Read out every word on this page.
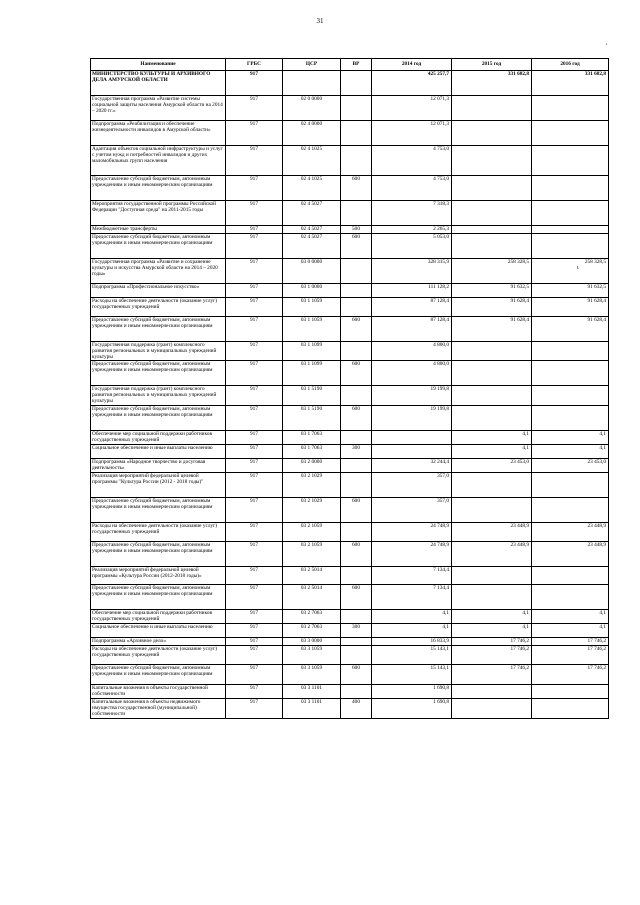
31
,
ι
Наименование	ГРБС	ЦСР	ВР	2014 год	2015 год	2016 год
МИНИСТЕРСТВО КУЛЬТУРЫ И АРХИВНОГО ДЕЛА АМУРСКОЙ ОБЛАСТИ	917			425 257,7	331 682,8	331 682,8
Государственная программа «Развитие системы социальной защиты населения Амурской области на 2014 – 2020 гг.»	917	02 0 0000		12 071,3		
Подпрограмма «Реабилитация и обеспечение жизнедеятельности инвалидов в Амурской области»	917	02 4 0000		12 071,3		
Адаптация объектов социальной инфраструктуры и услуг с учетом нужд и потребностей инвалидов и других маломобильных групп населения	917	02 4 1025		4 753,0		
Предоставление субсидий бюджетным, автономным учреждениям и иным некоммерческим организациям	917	02 4 1025	600	4 753,0		
Мероприятия государственной программы Российской Федерации "Доступная среда" на 2011-2015 годы	917	02 4 5027		7 318,3		
Межбюджетные трансферты	917	02 4 5027	500	2 265,3		
Предоставление субсидий бюджетным, автономным учреждениям и иным некоммерческим организациям	917	02 4 5027	600	5 053,0		
Государственная программа «Развитие и сохранение культуры и искусства Амурской области на 2014 – 2020 годы»	917	03 0 0000		328 315,9	258 328,5	258 328,5
Подпрограмма «Профессиональное искусство»	917	03 1 0000		111 128,2	91 632,5	91 632,5
Расходы на обеспечение деятельности (оказание услуг) государственных учреждений	917	03 1 1059		87 128,4	91 628,4	91 628,4
Предоставление субсидий бюджетным, автономным учреждениям и иным некоммерческим организациям	917	03 1 1059	600	87 128,4	91 628,4	91 628,4
Государственная поддержка (грант) комплексного развития региональных и муниципальных учреждений культуры	917	03 1 1099		4 800,0		
Предоставление субсидий бюджетным, автономным учреждениям и иным некоммерческим организациям	917	03 1 1099	600	4 800,0		
Государственная поддержка (грант) комплексного развития региональных и муниципальных учреждений культуры	917	03 1 5190		19 199,8		
Предоставление субсидий бюджетным, автономным учреждениям и иным некоммерческим организациям	917	03 1 5190	600	19 199,8		
Обеспечение мер социальной поддержки работников государственных учреждений	917	03 1 7063			4,1	4,1
Социальное обеспечение и иные выплаты населению	917	03 1 7063	300		4,1	4,1
Подпрограмма «Народное творчество и досуговая деятельность»	917	03 2 0000		32 244,4	23 453,0	23 453,0
Реализация мероприятий федеральной целевой программы "Культура России (2012 - 2018 годы)"	917	03 2 1029		357,0		
Предоставление субсидий бюджетным, автономным учреждениям и иным некоммерческим организациям	917	03 2 1029	600	357,0		
Расходы на обеспечение деятельности (оказание услуг) государственных учреждений	917	03 2 1059		24 748,9	23 448,9	23 448,9
Предоставление субсидий бюджетным, автономным учреждениям и иным некоммерческим организациям	917	03 2 1059	600	24 748,9	23 448,9	23 448,9
Реализация мероприятий федеральной целевой программы «Культура России (2012-2018 годы)»	917	03 2 5014		7 134,4		
Предоставление субсидий бюджетным, автономным учреждениям и иным некоммерческим организациям	917	03 2 5014	600	7 134,4		
Обеспечение мер социальной поддержки работников государственных учреждений	917	03 2 7063		4,1	4,1	4,1
Социальное обеспечение и иные выплаты населению	917	03 2 7063	300	4,1	4,1	4,1
Подпрограмма «Архивное дело»	917	03 3 0000		16 833,9	17 746,2	17 746,2
Расходы на обеспечение деятельности (оказание услуг) государственных учреждений	917	03 3 1059		15 143,1	17 746,2	17 746,2
Предоставление субсидий бюджетным, автономным учреждениям и иным некоммерческим организациям	917	03 3 1059	600	15 143,1	17 746,2	17 746,2
Капитальные вложения в объекты государственной собственности	917	03 3 1101		1 690,8		
Капитальные вложения в объекты недвижимого имущества государственной (муниципальной) собственности	917	03 3 1101	400	1 690,8		
